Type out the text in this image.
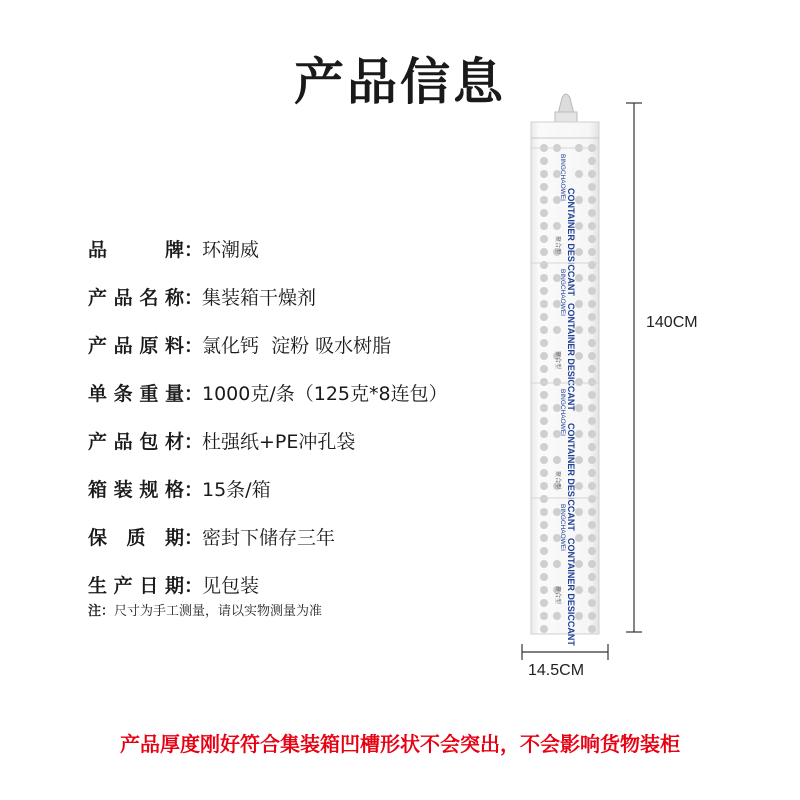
产品信息
品牌：环潮威
产品名称：集装箱干燥剂
产品原料：氯化钙  淀粉 吸水树脂
单条重量：1000克/条（125克*8连包）
产品包材：杜强纸+PE冲孔袋
箱装规格：15条/箱
保质期：密封下储存三年
生产日期：见包装
注：尺寸为手工测量，请以实物测量为准
BINGCHAOWEI
CONTAINER DESICCANT
聚合型
BINGCHAOWEI
CONTAINER DESICCANT
聚合型
BINGCHAOWEI
CONTAINER DESICCANT
聚合型
BINGCHAOWEI
CONTAINER DESICCANT
聚合型
140CM
14.5CM
产品厚度刚好符合集装箱凹槽形状不会突出，不会影响货物装柜
